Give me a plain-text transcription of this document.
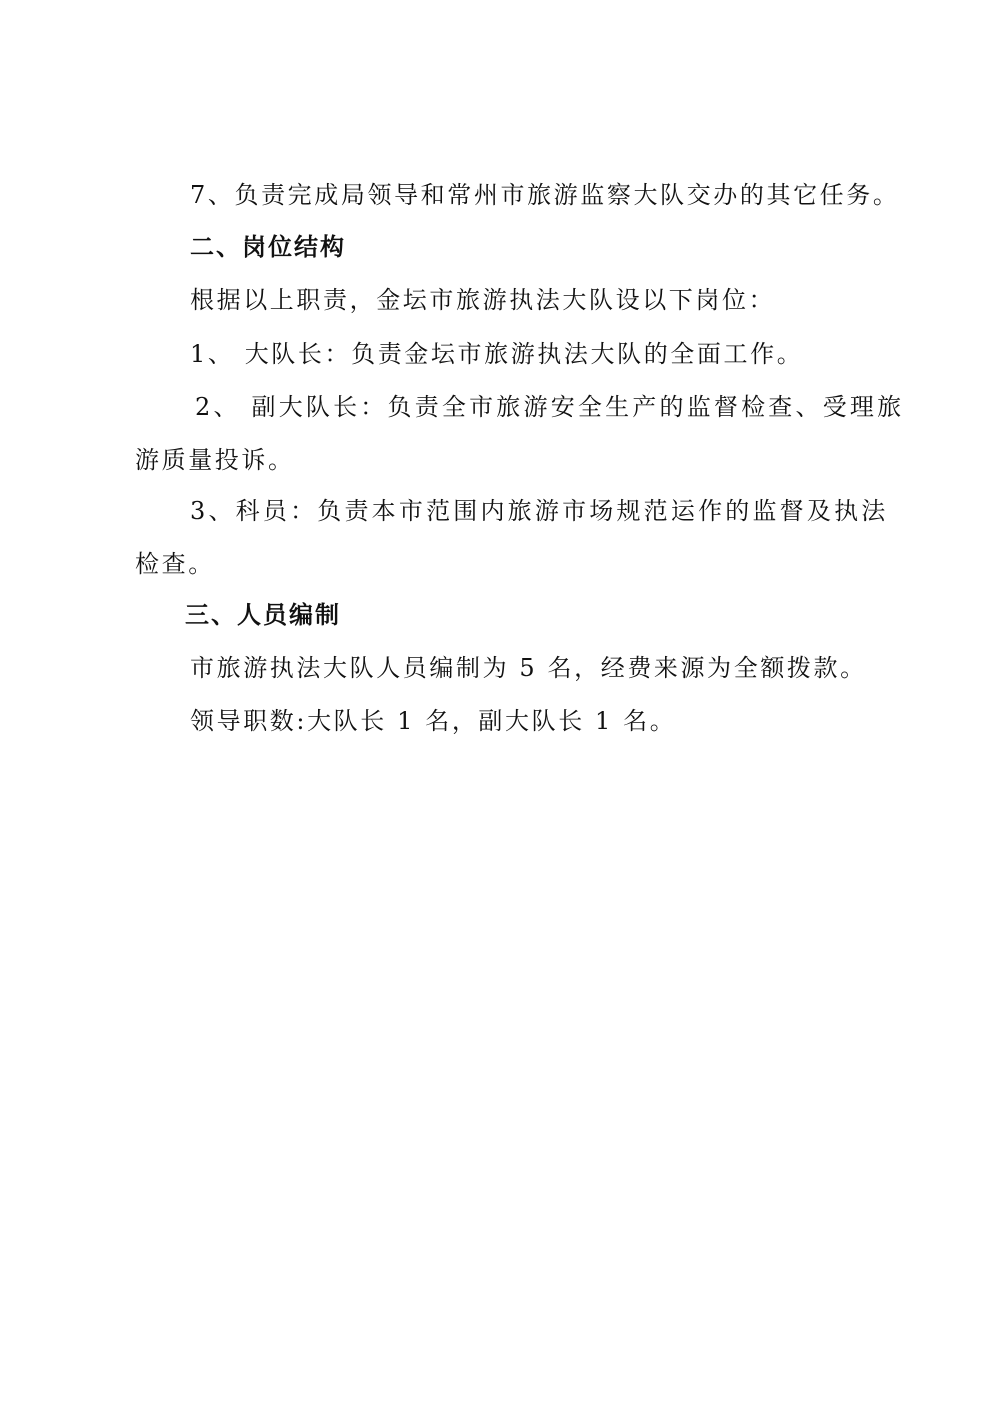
7、负责完成局领导和常州市旅游监察大队交办的其它任务。
二、岗位结构
根据以上职责，金坛市旅游执法大队设以下岗位：
1、 大队长：负责金坛市旅游执法大队的全面工作。
2、 副大队长：负责全市旅游安全生产的监督检查、受理旅
游质量投诉。
3、科员：负责本市范围内旅游市场规范运作的监督及执法
检查。
三、人员编制
市旅游执法大队人员编制为 5 名，经费来源为全额拨款。
领导职数:大队长 1 名，副大队长 1 名。
